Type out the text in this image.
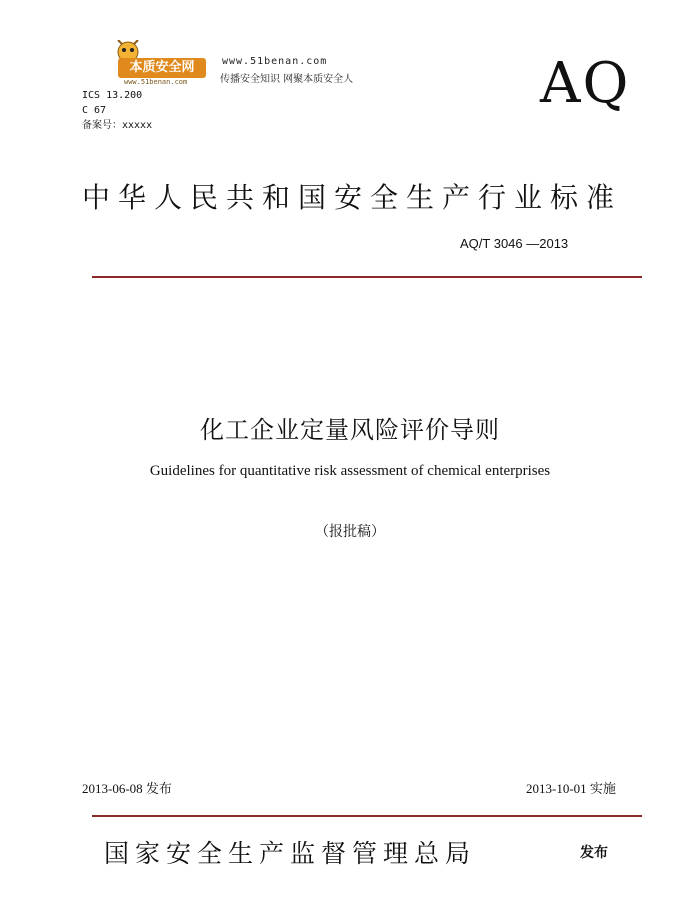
本质安全网
www.51benan.com
www.51benan.com
传播安全知识 网聚本质安全人
ICS 13.200
C 67
备案号：xxxxx
AQ
中华人民共和国安全生产行业标准
AQ/T 3046 —2013
化工企业定量风险评价导则
Guidelines for quantitative risk assessment of chemical enterprises
（报批稿）
2013-06-08 发布	2013-10-01 实施
国家安全生产监督管理总局	发布
